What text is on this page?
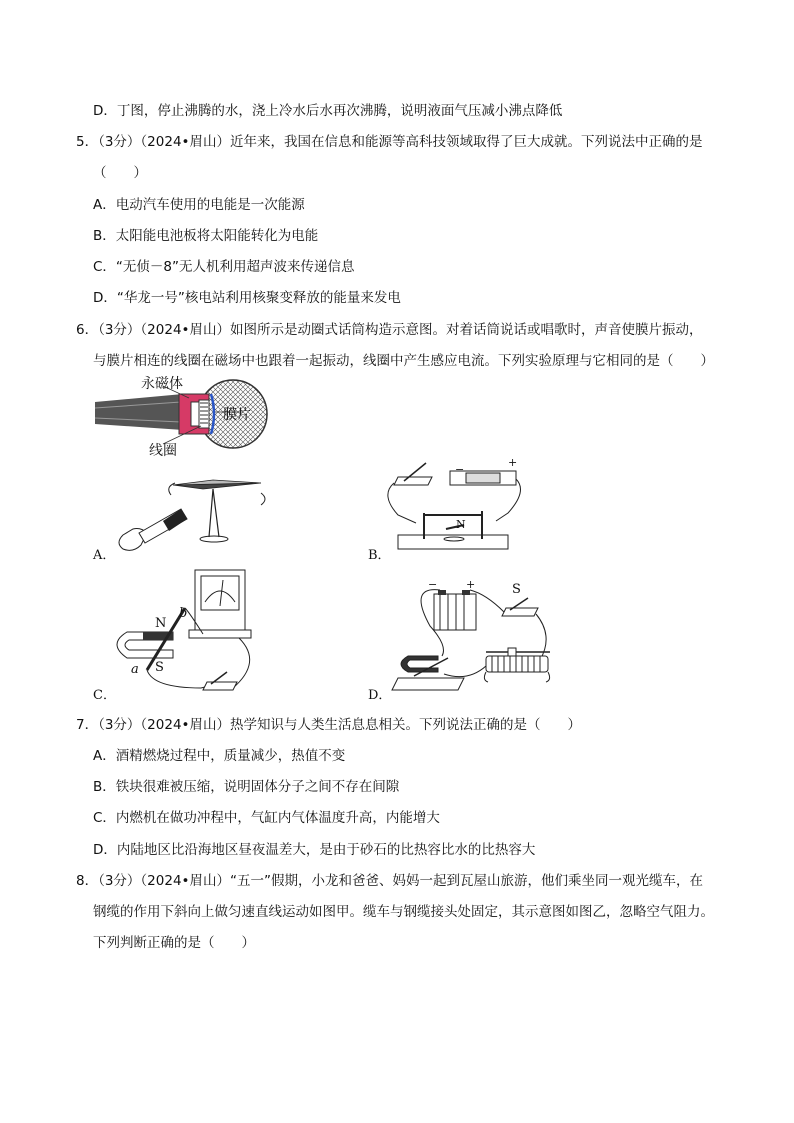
D．丁图，停止沸腾的水，浇上冷水后水再次沸腾，说明液面气压减小沸点降低
5．（3分）（2024•眉山）近年来，我国在信息和能源等高科技领域取得了巨大成就。下列说法中正确的是
（　　）
A．电动汽车使用的电能是一次能源
B．太阳能电池板将太阳能转化为电能
C．“无侦－8”无人机利用超声波来传递信息
D．“华龙一号”核电站利用核聚变释放的能量来发电
6．（3分）（2024•眉山）如图所示是动圈式话筒构造示意图。对着话筒说话或唱歌时，声音使膜片振动，
与膜片相连的线圈在磁场中也跟着一起振动，线圈中产生感应电流。下列实验原理与它相同的是（　　）
永磁体
膜片
线圈
A．
−
+
N
B．
N
S
a
b
C．
−	+	S
D．
7．（3分）（2024•眉山）热学知识与人类生活息息相关。下列说法正确的是（　　）
A．酒精燃烧过程中，质量减少，热值不变
B．铁块很难被压缩，说明固体分子之间不存在间隙
C．内燃机在做功冲程中，气缸内气体温度升高，内能增大
D．内陆地区比沿海地区昼夜温差大，是由于砂石的比热容比水的比热容大
8．（3分）（2024•眉山）“五一”假期，小龙和爸爸、妈妈一起到瓦屋山旅游，他们乘坐同一观光缆车，在
钢缆的作用下斜向上做匀速直线运动如图甲。缆车与钢缆接头处固定，其示意图如图乙，忽略空气阻力。
下列判断正确的是（　　）
